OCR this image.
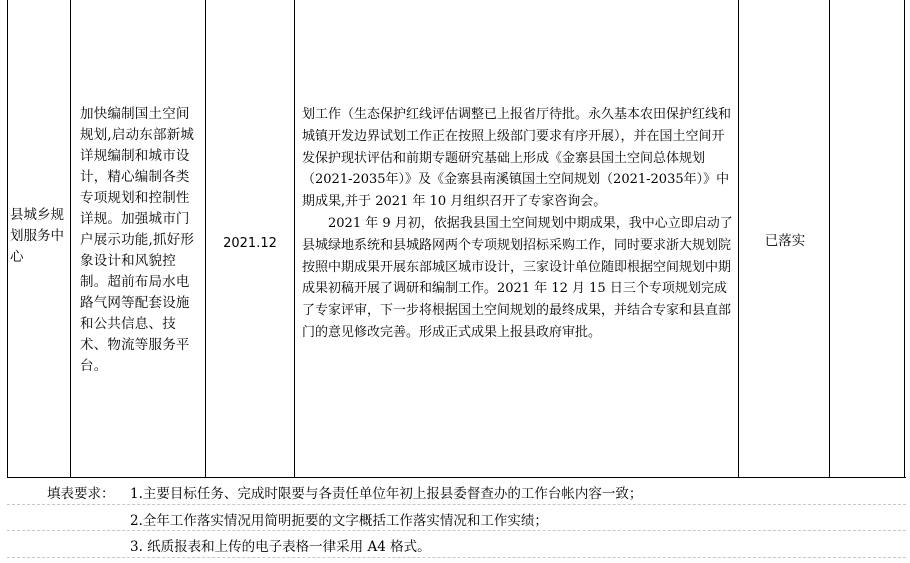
县城乡规划服务中心
加快编制国土空间规划,启动东部新城详规编制和城市设计，精心编制各类专项规划和控制性详规。加强城市门户展示功能,抓好形象设计和风貌控制。超前布局水电路气网等配套设施和公共信息、技术、物流等服务平台。
2021.12

划工作（生态保护红线评估调整已上报省厅待批。永久基本农田保护红线和城镇开发边界试划工作正在按照上级部门要求有序开展），并在国土空间开发保护现状评估和前期专题研究基础上形成《金寨县国土空间总体规划（2021-2035年）》及《金寨县南溪镇国土空间规划（2021-2035年）》中期成果,并于 2021 年 10 月组织召开了专家咨询会。

2021 年 9 月初，依据我县国土空间规划中期成果，我中心立即启动了县城绿地系统和县城路网两个专项规划招标采购工作，同时要求浙大规划院按照中期成果开展东部城区城市设计，三家设计单位随即根据空间规划中期成果初稿开展了调研和编制工作。2021 年 12 月 15 日三个专项规划完成了专家评审，下一步将根据国土空间规划的最终成果，并结合专家和县直部门的意见修改完善。形成正式成果上报县政府审批。

已落实
填表要求： 1.主要目标任务、完成时限要与各责任单位年初上报县委督查办的工作台帐内容一致；
2.全年工作落实情况用简明扼要的文字概括工作落实情况和工作实绩；
3. 纸质报表和上传的电子表格一律采用 A4 格式。
